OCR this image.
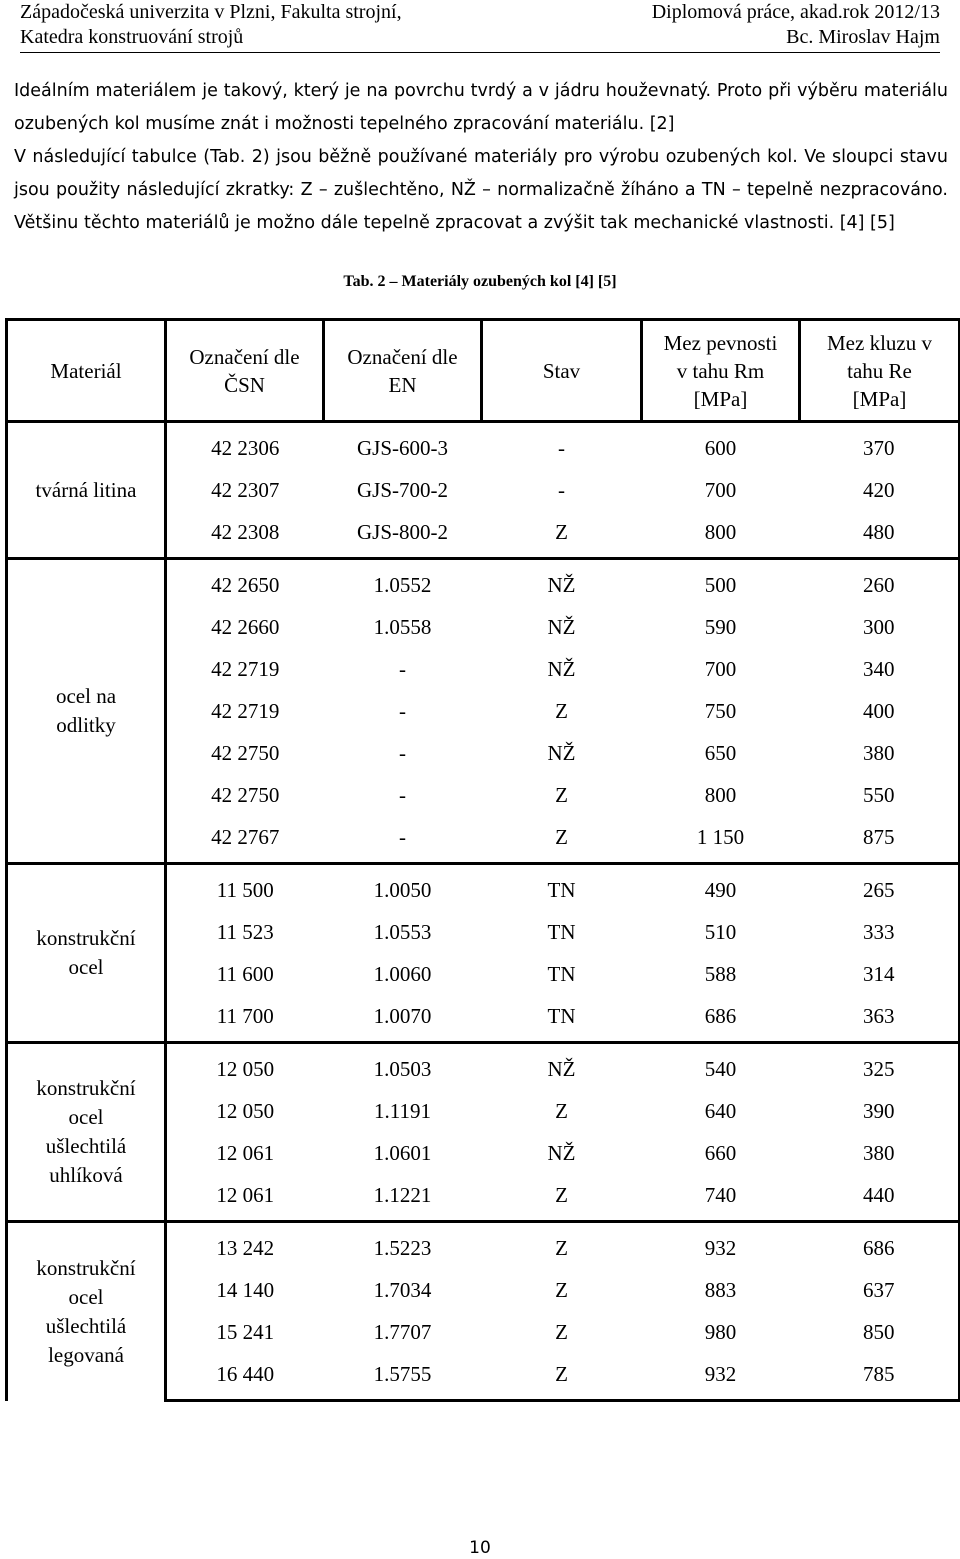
Západočeská univerzita v Plzni, Fakulta strojní,	Diplomová práce, akad.rok 2012/13
Katedra konstruování strojů	Bc. Miroslav Hajm

Ideálním materiálem je takový, který je na povrchu tvrdý a v jádru houževnatý. Proto při výběru materiálu ozubených kol musíme znát i možnosti tepelného zpracování materiálu. [2]

V následující tabulce (Tab. 2) jsou běžně používané materiály pro výrobu ozubených kol. Ve sloupci stavu jsou použity následující zkratky: Z – zušlechtěno, NŽ – normalizačně žíháno a TN – tepelně nezpracováno. Většinu těchto materiálů je možno dále tepelně zpracovat a zvýšit tak mechanické vlastnosti. [4] [5]

Tab. 2 – Materiály ozubených kol [4] [5]
Materiál	Označení dle ČSN	Označení dle EN	Stav	Mez pevnosti v tahu Rm [MPa]	Mez kluzu v tahu Re [MPa]
tvárná litina	42 2306	GJS-600-3	-	600	370
	42 2307	GJS-700-2	-	700	420
	42 2308	GJS-800-2	Z	800	480
ocel na odlitky	42 2650	1.0552	NŽ	500	260
	42 2660	1.0558	NŽ	590	300
	42 2719	-	NŽ	700	340
	42 2719	-	Z	750	400
	42 2750	-	NŽ	650	380
	42 2750	-	Z	800	550
	42 2767	-	Z	1 150	875
konstrukční ocel	11 500	1.0050	TN	490	265
	11 523	1.0553	TN	510	333
	11 600	1.0060	TN	588	314
	11 700	1.0070	TN	686	363
konstrukční ocel ušlechtilá uhlíková	12 050	1.0503	NŽ	540	325
	12 050	1.1191	Z	640	390
	12 061	1.0601	NŽ	660	380
	12 061	1.1221	Z	740	440
konstrukční ocel ušlechtilá legovaná	13 242	1.5223	Z	932	686
	14 140	1.7034	Z	883	637
	15 241	1.7707	Z	980	850
	16 440	1.5755	Z	932	785
10
